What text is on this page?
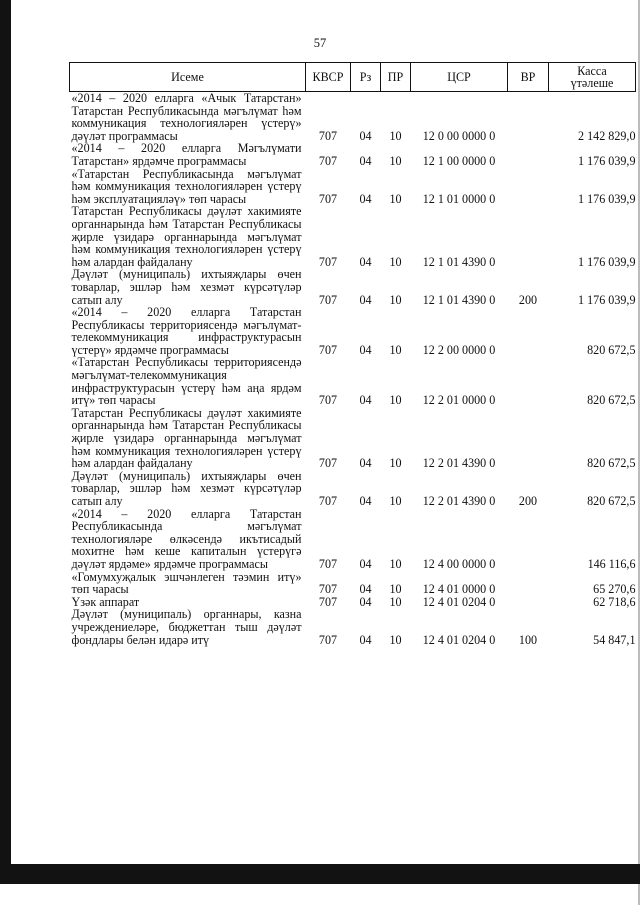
57
Исеме	КВСР	Рз	ПР	ЦСР	ВР	Касса
үтәлеше

«2014 – 2020 елларга «Ачык Татарстан» Татарстан Республикасында мәгълүмат һәм коммуникация технологияләрен үстерү» дәүләт программасы	707	04	10	12 0 00 0000 0		2 142 829,0
«2014 – 2020 елларга Мәгълүмати Татарстан» ярдәмче программасы	707	04	10	12 1 00 0000 0		1 176 039,9
«Татарстан Республикасында мәгълүмат һәм коммуникация технологияләрен үстерү һәм эксплуатацияләү» төп чарасы	707	04	10	12 1 01 0000 0		1 176 039,9
Татарстан Республикасы дәүләт хакимияте органнарында һәм Татарстан Республикасы җирле үзидарә органнарында мәгълүмат һәм коммуникация технологияләрен үстерү һәм алардан файдалану	707	04	10	12 1 01 4390 0		1 176 039,9
Дәүләт (муниципаль) ихтыяҗлары өчен товарлар, эшләр һәм хезмәт күрсәтүләр сатып алу	707	04	10	12 1 01 4390 0	200	1 176 039,9
«2014 – 2020 елларга Татарстан Республикасы территориясендә мәгълүмат-телекоммуникация инфраструктурасын үстерү» ярдәмче программасы	707	04	10	12 2 00 0000 0		820 672,5
«Татарстан Республикасы территориясендә мәгълүмат-телекоммуникация инфраструктурасын үстерү һәм аңа ярдәм итү» төп чарасы	707	04	10	12 2 01 0000 0		820 672,5
Татарстан Республикасы дәүләт хакимияте органнарында һәм Татарстан Республикасы җирле үзидарә органнарында мәгълүмат һәм коммуникация технологияләрен үстерү һәм алардан файдалану	707	04	10	12 2 01 4390 0		820 672,5
Дәүләт (муниципаль) ихтыяҗлары өчен товарлар, эшләр һәм хезмәт күрсәтүләр сатып алу	707	04	10	12 2 01 4390 0	200	820 672,5
«2014 – 2020 елларга Татарстан Республикасында мәгълүмат технологияләре өлкәсендә икътисадый мохитне һәм кеше капиталын үстерүгә дәүләт ярдәме» ярдәмче программасы	707	04	10	12 4 00 0000 0		146 116,6
«Гомумхуҗалык эшчәнлеген тәэмин итү» төп чарасы	707	04	10	12 4 01 0000 0		65 270,6
Үзәк аппарат	707	04	10	12 4 01 0204 0		62 718,6
Дәүләт (муниципаль) органнары, казна учреждениеләре, бюджеттан тыш дәүләт фондлары белән идарә итү	707	04	10	12 4 01 0204 0	100	54 847,1
